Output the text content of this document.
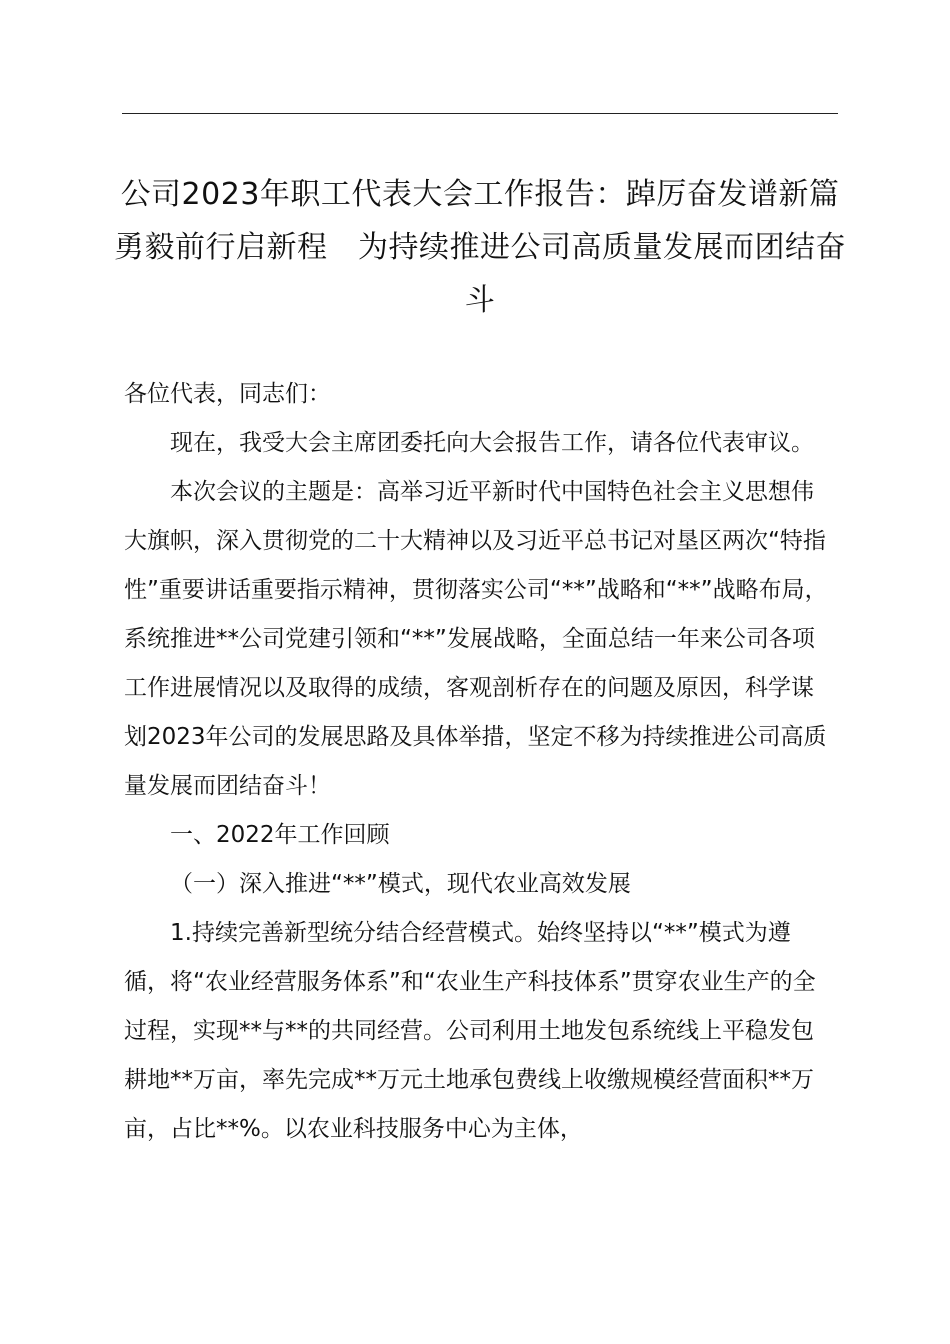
公司2023年职工代表大会工作报告：踔厉奋发谱新篇 勇毅前行启新程　为持续推进公司高质量发展而团结奋斗

各位代表，同志们：

现在，我受大会主席团委托向大会报告工作，请各位代表审议。

本次会议的主题是：高举习近平新时代中国特色社会主义思想伟大旗帜，深入贯彻党的二十大精神以及习近平总书记对垦区两次“特指性”重要讲话重要指示精神，贯彻落实公司“**”战略和“**”战略布局，系统推进**公司党建引领和“**”发展战略，全面总结一年来公司各项工作进展情况以及取得的成绩，客观剖析存在的问题及原因，科学谋划2023年公司的发展思路及具体举措，坚定不移为持续推进公司高质量发展而团结奋斗！

一、2022年工作回顾

（一）深入推进“**”模式，现代农业高效发展

1.持续完善新型统分结合经营模式。始终坚持以“**”模式为遵循，将“农业经营服务体系”和“农业生产科技体系”贯穿农业生产的全过程，实现**与**的共同经营。公司利用土地发包系统线上平稳发包耕地**万亩，率先完成**万元土地承包费线上收缴规模经营面积**万亩，占比**%。以农业科技服务中心为主体，
